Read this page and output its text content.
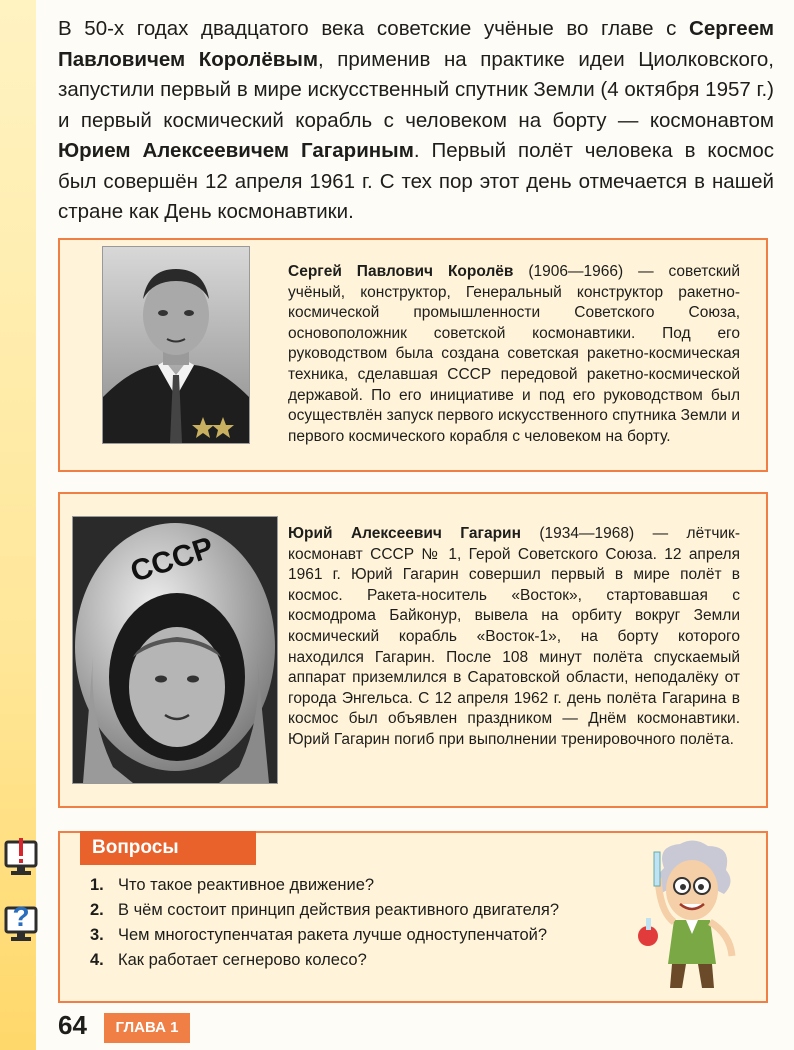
В 50-х годах двадцатого века советские учёные во главе с Сергеем Павловичем Королёвым, применив на практике идеи Циолковского, запустили первый в мире искусственный спутник Земли (4 октября 1957 г.) и первый космический корабль с человеком на борту — космонавтом Юрием Алексеевичем Гагариным. Первый полёт человека в космос был совершён 12 апреля 1961 г. С тех пор этот день отмечается в нашей стране как День космонавтики.

Сергей Павлович Королёв (1906—1966) — советский учёный, конструктор, Генеральный конструктор ракетно-космической промышленности Советского Союза, основоположник советской космонавтики. Под его руководством была создана советская ракетно-космическая техника, сделавшая СССР передовой ракетно-космической державой. По его инициативе и под его руководством был осуществлён запуск первого искусственного спутника Земли и первого космического корабля с человеком на борту.

СССР	Юрий Алексеевич Гагарин (1934—1968) — лётчик-космонавт СССР № 1, Герой Советского Союза. 12 апреля 1961 г. Юрий Гагарин совершил первый в мире полёт в космос. Ракета-носитель «Восток», стартовавшая с космодрома Байконур, вывела на орбиту вокруг Земли космический корабль «Восток-1», на борту которого находился Гагарин. После 108 минут полёта спускаемый аппарат приземлился в Саратовской области, неподалёку от города Энгельса. С 12 апреля 1962 г. день полёта Гагарина в космос был объявлен праздником — Днём космонавтики. Юрий Гагарин погиб при выполнении тренировочного полёта.

?
Вопросы
1. Что такое реактивное движение?
2. В чём состоит принцип действия реактивного двигателя?
3. Чем многоступенчатая ракета лучше одноступенчатой?
4. Как работает сегнерово колесо?
64	ГЛАВА 1
